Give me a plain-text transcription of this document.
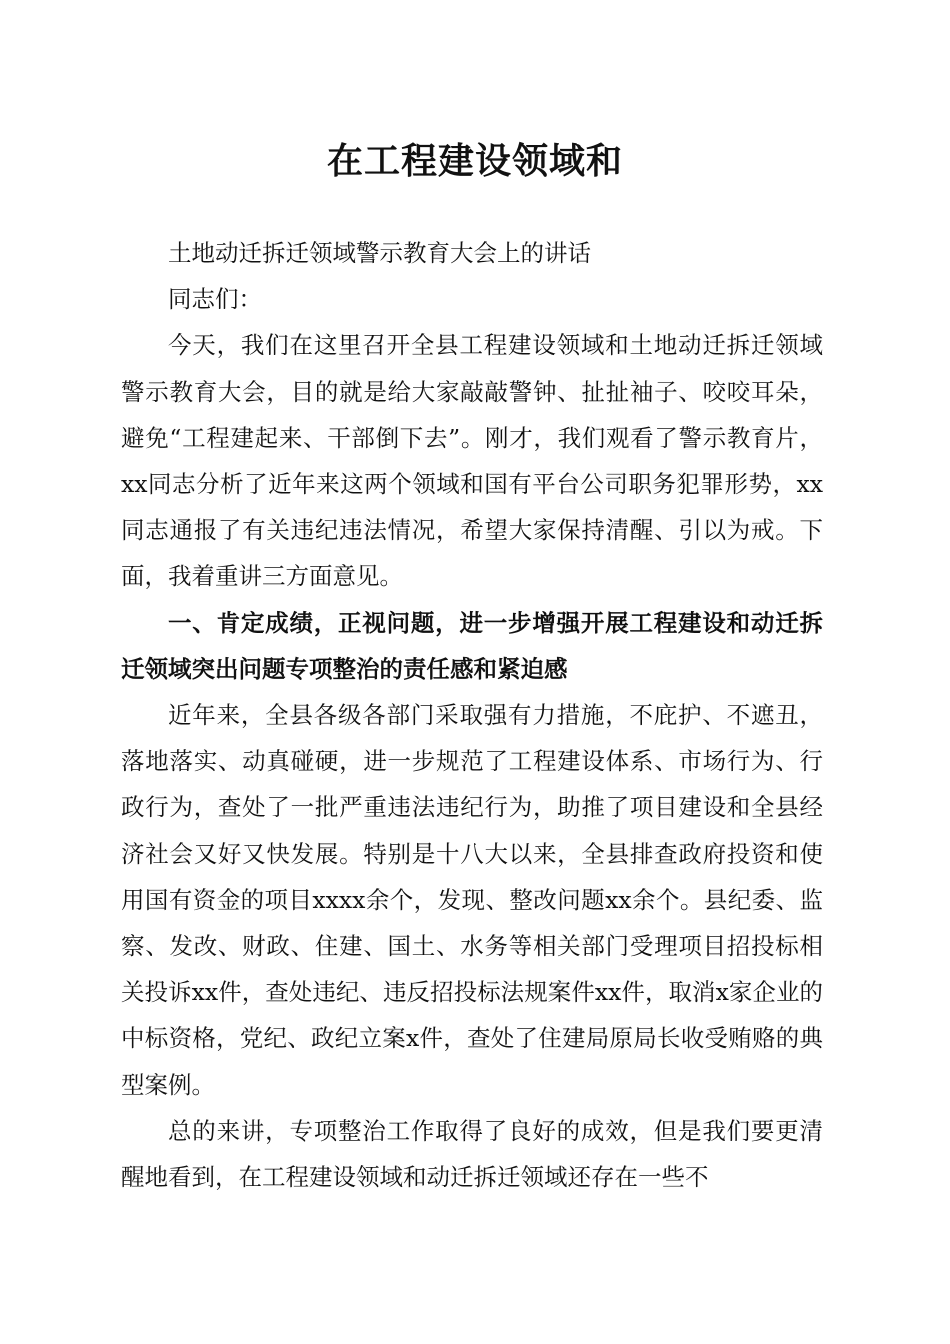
在工程建设领域和

土地动迁拆迁领域警示教育大会上的讲话

同志们：

今天，我们在这里召开全县工程建设领域和土地动迁拆迁领域警示教育大会，目的就是给大家敲敲警钟、扯扯袖子、咬咬耳朵，避免“工程建起来、干部倒下去”。刚才，我们观看了警示教育片，xx同志分析了近年来这两个领域和国有平台公司职务犯罪形势，xx同志通报了有关违纪违法情况，希望大家保持清醒、引以为戒。下面，我着重讲三方面意见。

一、肯定成绩，正视问题，进一步增强开展工程建设和动迁拆迁领域突出问题专项整治的责任感和紧迫感

近年来，全县各级各部门采取强有力措施，不庇护、不遮丑，落地落实、动真碰硬，进一步规范了工程建设体系、市场行为、行政行为，查处了一批严重违法违纪行为，助推了项目建设和全县经济社会又好又快发展。特别是十八大以来，全县排查政府投资和使用国有资金的项目xxxx余个，发现、整改问题xx余个。县纪委、监察、发改、财政、住建、国土、水务等相关部门受理项目招投标相关投诉xx件，查处违纪、违反招投标法规案件xx件，取消x家企业的中标资格，党纪、政纪立案x件，查处了住建局原局长收受贿赂的典型案例。

总的来讲，专项整治工作取得了良好的成效，但是我们要更清醒地看到，在工程建设领域和动迁拆迁领域还存在一些不
